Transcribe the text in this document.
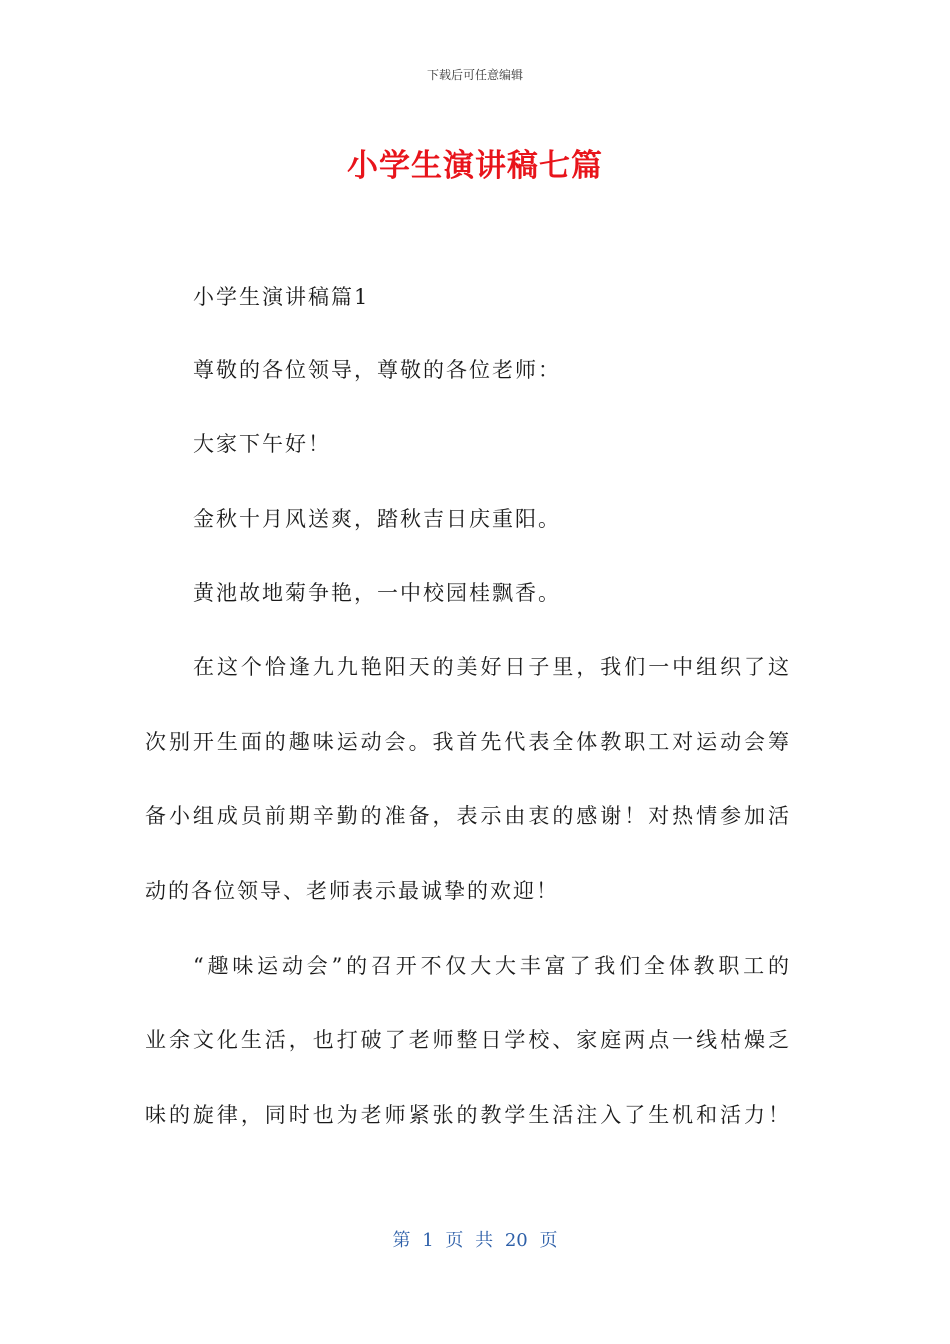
下载后可任意编辑
小学生演讲稿七篇
小学生演讲稿篇1
尊敬的各位领导，尊敬的各位老师：
大家下午好！
金秋十月风送爽，踏秋吉日庆重阳。
黄池故地菊争艳，一中校园桂飘香。
在这个恰逢九九艳阳天的美好日子里，我们一中组织了这
次别开生面的趣味运动会。我首先代表全体教职工对运动会筹
备小组成员前期辛勤的准备，表示由衷的感谢！对热情参加活
动的各位领导、老师表示最诚挚的欢迎！
“趣味运动会”的召开不仅大大丰富了我们全体教职工的
业余文化生活，也打破了老师整日学校、家庭两点一线枯燥乏
味的旋律，同时也为老师紧张的教学生活注入了生机和活力！
第 1 页 共 20 页
